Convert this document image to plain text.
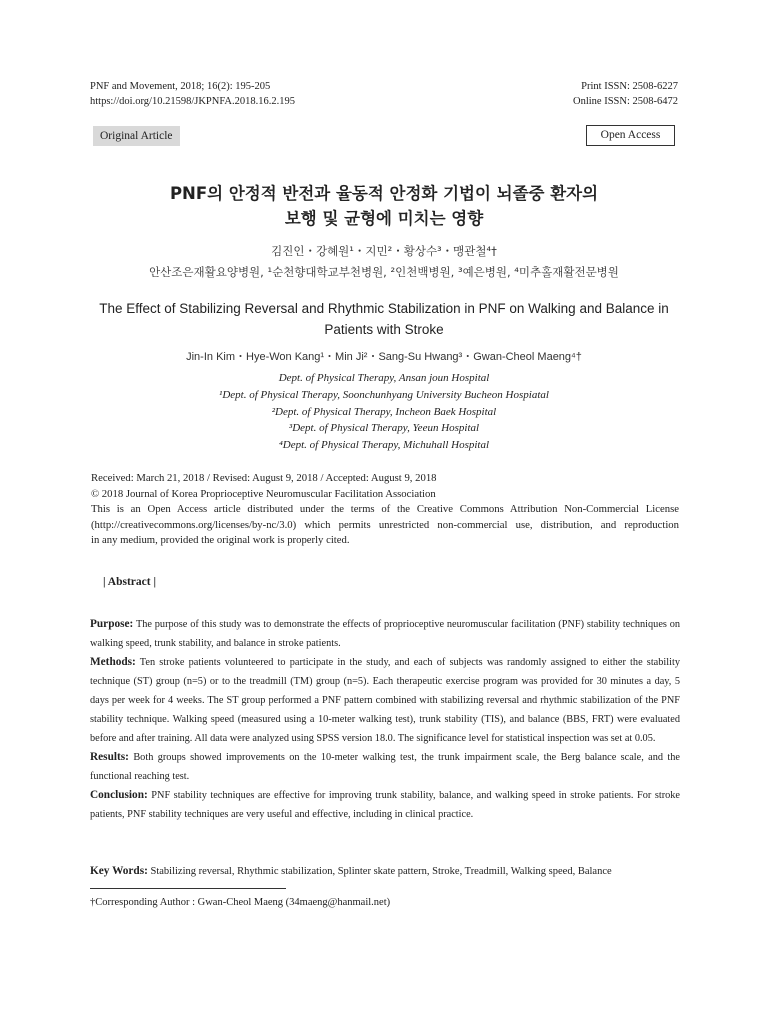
PNF and Movement, 2018; 16(2): 195-205	Print ISSN: 2508-6227
https://doi.org/10.21598/JKPNFA.2018.16.2.195	Online ISSN: 2508-6472
Original Article	Open Access
PNF의 안정적 반전과 율동적 안정화 기법이 뇌졸중 환자의
보행 및 균형에 미치는 영향
김진인・강혜원¹・지민²・황상수³・맹관철⁴†
안산조은재활요양병원, ¹순천향대학교부천병원, ²인천백병원, ³예은병원, ⁴미추홀재활전문병원
The Effect of Stabilizing Reversal and Rhythmic Stabilization in PNF on Walking and Balance in
Patients with Stroke
Jin-In Kim・Hye-Won Kang¹・Min Ji²・Sang-Su Hwang³・Gwan-Cheol Maeng⁴†
Dept. of Physical Therapy, Ansan joun Hospital
¹Dept. of Physical Therapy, Soonchunhyang University Bucheon Hospiatal
²Dept. of Physical Therapy, Incheon Baek Hospital
³Dept. of Physical Therapy, Yeeun Hospital
⁴Dept. of Physical Therapy, Michuhall Hospital
Received: March 21, 2018 / Revised: August 9, 2018 / Accepted: August 9, 2018
© 2018 Journal of Korea Proprioceptive Neuromuscular Facilitation Association
This is an Open Access article distributed under the terms of the Creative Commons Attribution Non-Commercial License
(http://creativecommons.org/licenses/by-nc/3.0) which permits unrestricted non-commercial use, distribution, and reproduction
in any medium, provided the original work is properly cited.
| Abstract |

Purpose: The purpose of this study was to demonstrate the effects of proprioceptive neuromuscular facilitation (PNF) stability techniques on walking speed, trunk stability, and balance in stroke patients.

Methods: Ten stroke patients volunteered to participate in the study, and each of subjects was randomly assigned to either the stability technique (ST) group (n=5) or to the treadmill (TM) group (n=5). Each therapeutic exercise program was provided for 30 minutes a day, 5 days per week for 4 weeks. The ST group performed a PNF pattern combined with stabilizing reversal and rhythmic stabilization of the PNF stability technique. Walking speed (measured using a 10-meter walking test), trunk stability (TIS), and balance (BBS, FRT) were evaluated before and after training. All data were analyzed using SPSS version 18.0. The significance level for statistical inspection was set at 0.05.

Results: Both groups showed improvements on the 10-meter walking test, the trunk impairment scale, the Berg balance scale, and the functional reaching test.

Conclusion: PNF stability techniques are effective for improving trunk stability, balance, and walking speed in stroke patients. For stroke patients, PNF stability techniques are very useful and effective, including in clinical practice.

Key Words: Stabilizing reversal, Rhythmic stabilization, Splinter skate pattern, Stroke, Treadmill, Walking speed, Balance
†Corresponding Author : Gwan-Cheol Maeng (34maeng@hanmail.net)
